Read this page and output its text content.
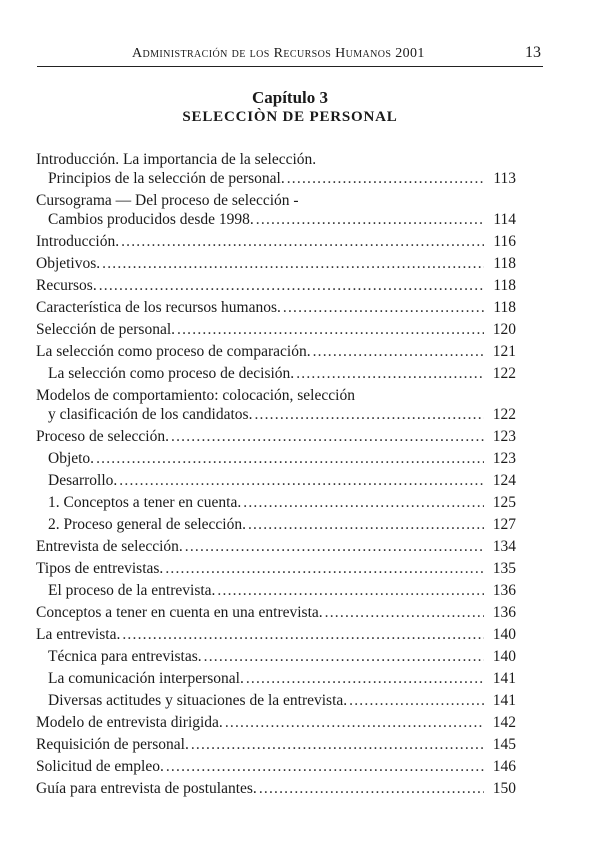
Administración de los Recursos Humanos 2001	13
Capítulo 3
SELECCIÒN DE PERSONAL
Introducción. La importancia de la selección.
Principios de la selección de personal. .....	113
Cursograma — Del proceso de selección -
Cambios producidos desde 1998. .....	114
Introducción. .....	116
Objetivos. .....	118
Recursos. .....	118
Característica de los recursos humanos. .....	118
Selección de personal. .....	120
La selección como proceso de comparación. .....	121
La selección como proceso de decisión. .....	122
Modelos de comportamiento: colocación, selección
y clasificación de los candidatos. .....	122
Proceso de selección. .....	123
Objeto. .....	123
Desarrollo. .....	124
1. Conceptos a tener en cuenta. .....	125
2. Proceso general de selección. .....	127
Entrevista de selección. .....	134
Tipos de entrevistas. .....	135
El proceso de la entrevista. .....	136
Conceptos a tener en cuenta en una entrevista. .....	136
La entrevista. .....	140
Técnica para entrevistas. .....	140
La comunicación interpersonal. .....	141
Diversas actitudes y situaciones de la entrevista. .....	141
Modelo de entrevista dirigida. .....	142
Requisición de personal. .....	145
Solicitud de empleo. .....	146
Guía para entrevista de postulantes. .....	150
